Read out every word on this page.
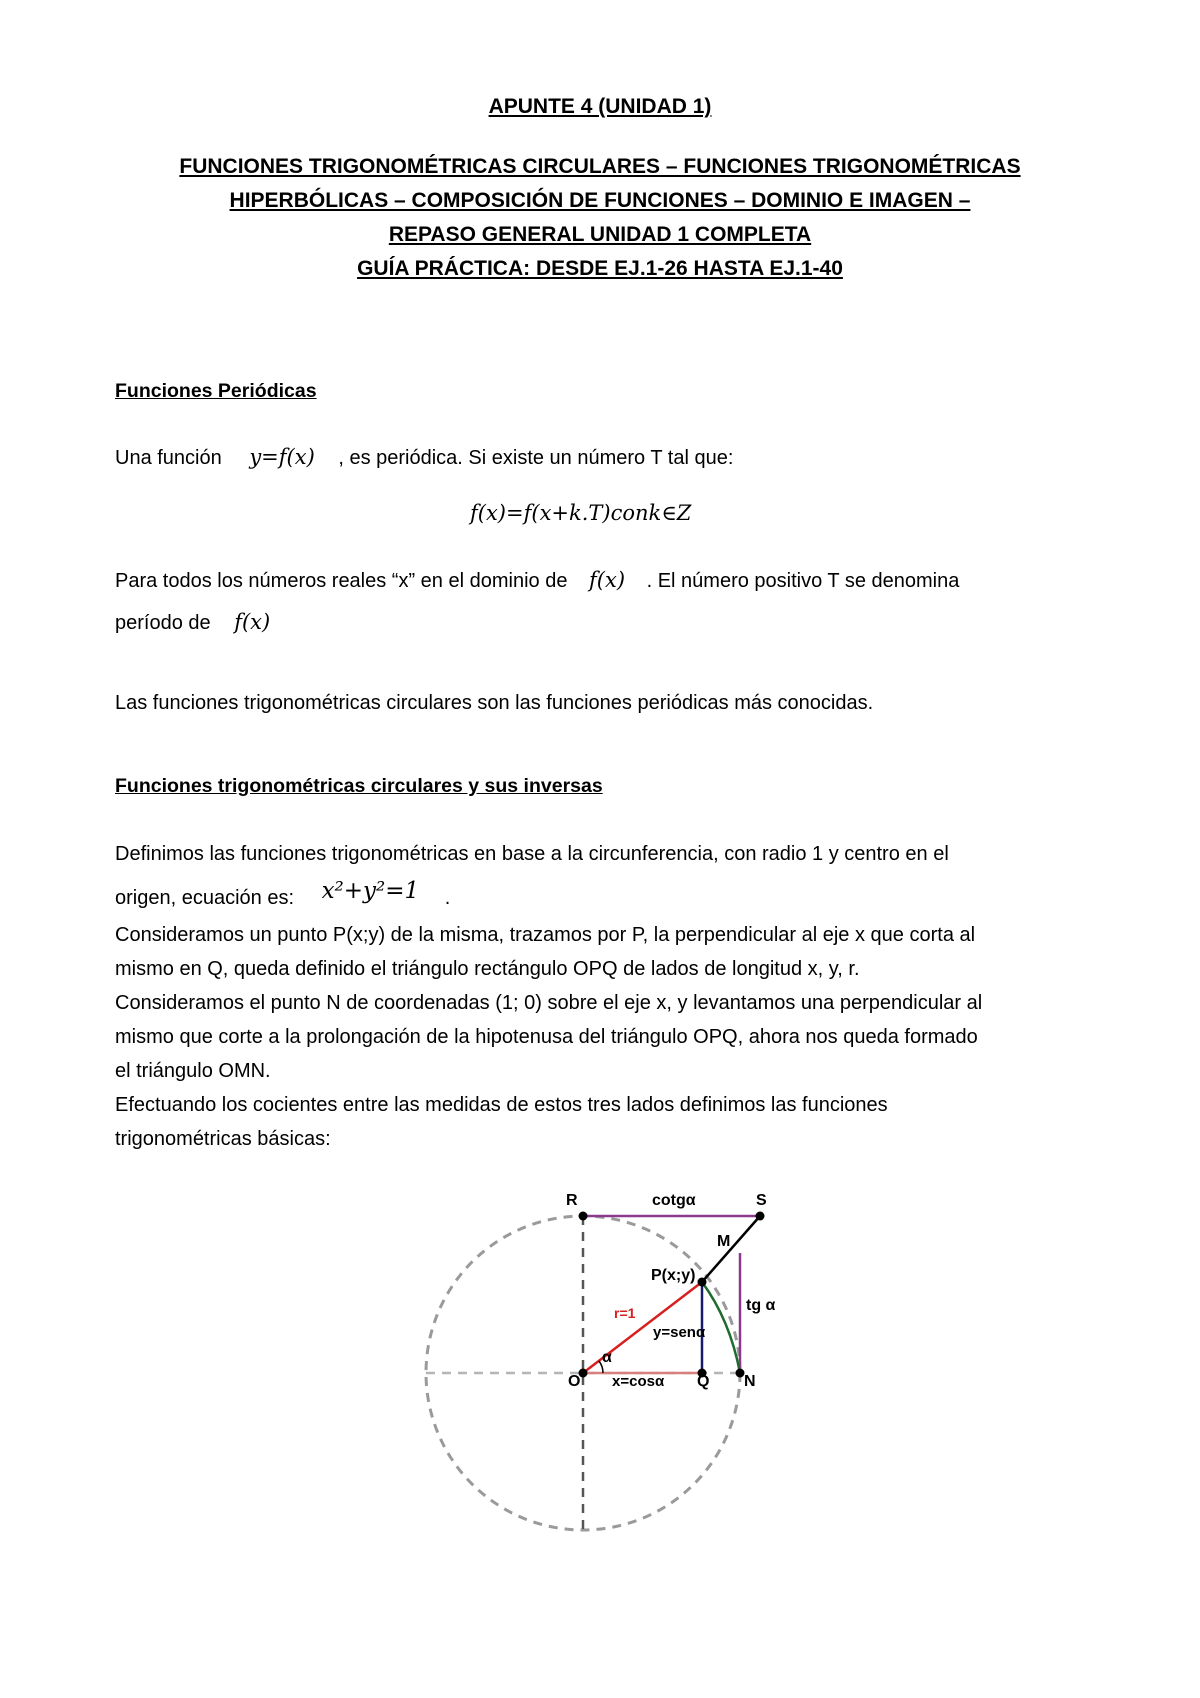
APUNTE 4 (UNIDAD 1)
FUNCIONES TRIGONOMÉTRICAS CIRCULARES – FUNCIONES TRIGONOMÉTRICAS
HIPERBÓLICAS – COMPOSICIÓN DE FUNCIONES – DOMINIO E IMAGEN –
REPASO GENERAL UNIDAD 1 COMPLETA
GUÍA PRÁCTICA: DESDE EJ.1-26 HASTA EJ.1-40
Funciones Periódicas
Una función y=f(x) , es periódica. Si existe un número T tal que:
f(x)=f(x+k.T)conk∈Z
Para todos los números reales “x” en el dominio de f(x) . El número positivo T se denomina
período de f(x)
Las funciones trigonométricas circulares son las funciones periódicas más conocidas.
Funciones trigonométricas circulares y sus inversas
Definimos las funciones trigonométricas en base a la circunferencia, con radio 1 y centro en el
origen, ecuación es: x²+y²=1 .
Consideramos un punto P(x;y) de la misma, trazamos por P, la perpendicular al eje x que corta al
mismo en Q, queda definido el triángulo rectángulo OPQ de lados de longitud x, y, r.
Consideramos el punto N de coordenadas (1; 0) sobre el eje x, y levantamos una perpendicular al
mismo que corte a la prolongación de la hipotenusa del triángulo OPQ, ahora nos queda formado
el triángulo OMN.
Efectuando los cocientes entre las medidas de estos tres lados definimos las funciones
trigonométricas básicas:
R	S
cotgα
M
P(x;y)
tg α
r=1
y=senα
α
O x=cosα Q N
